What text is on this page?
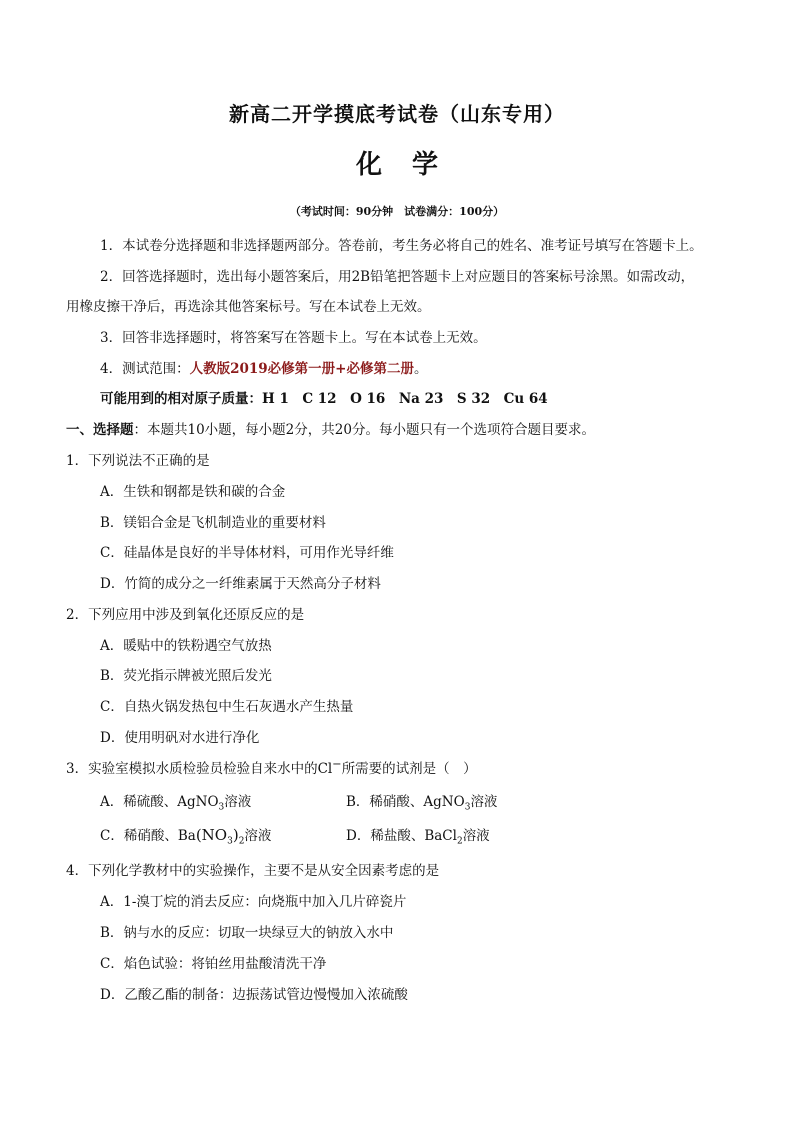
新高二开学摸底考试卷（山东专用）
化学
（考试时间：90分钟　试卷满分：100分）
1．本试卷分选择题和非选择题两部分。答卷前，考生务必将自己的姓名、准考证号填写在答题卡上。
2．回答选择题时，选出每小题答案后，用2B铅笔把答题卡上对应题目的答案标号涂黑。如需改动，
用橡皮擦干净后，再选涂其他答案标号。写在本试卷上无效。
3．回答非选择题时，将答案写在答题卡上。写在本试卷上无效。
4．测试范围：人教版2019必修第一册+必修第二册。
可能用到的相对原子质量：H 1　C 12　O 16　Na 23　S 32　Cu 64
一、选择题：本题共10小题，每小题2分，共20分。每小题只有一个选项符合题目要求。
1．下列说法不正确的是
A．生铁和钢都是铁和碳的合金
B．镁铝合金是飞机制造业的重要材料
C．硅晶体是良好的半导体材料，可用作光导纤维
D．竹简的成分之一纤维素属于天然高分子材料
2．下列应用中涉及到氧化还原反应的是
A．暖贴中的铁粉遇空气放热
B．荧光指示牌被光照后发光
C．自热火锅发热包中生石灰遇水产生热量
D．使用明矾对水进行净化
3．实验室模拟水质检验员检验自来水中的Cl−所需要的试剂是（　）
A．稀硫酸、AgNO$_3$溶液	B．稀硝酸、AgNO$_3$溶液
C．稀硝酸、$Ba(NO_3)_2$溶液	D．稀盐酸、BaCl$_2$溶液
4．下列化学教材中的实验操作，主要不是从安全因素考虑的是
A．1-溴丁烷的消去反应：向烧瓶中加入几片碎瓷片
B．钠与水的反应：切取一块绿豆大的钠放入水中
C．焰色试验：将铂丝用盐酸清洗干净
D．乙酸乙酯的制备：边振荡试管边慢慢加入浓硫酸
